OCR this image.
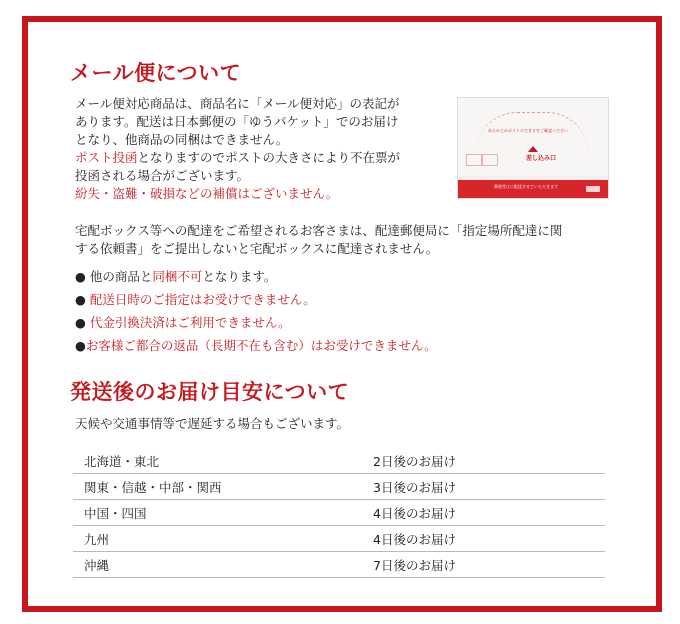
メール便について
メール便対応商品は、商品名に「メール便対応」の表記が
あります。配送は日本郵便の「ゆうパケット」でのお届け
となり、他商品の同梱はできません。
ポスト投函となりますのでポストの大きさにより不在票が
投函される場合がございます。
紛失・盗難・破損などの補償はございません。
あらかじめポストの大きさをご確認ください
差し込み口
郵便受けに配達させていただきます
宅配ボックス等への配達をご希望されるお客さまは、配達郵便局に「指定場所配達に関
する依頼書」をご提出しないと宅配ボックスに配達されません。
● 他の商品と同梱不可となります。
● 配送日時のご指定はお受けできません。
● 代金引換決済はご利用できません。
●お客様ご都合の返品（長期不在も含む）はお受けできません。
発送後のお届け目安について
天候や交通事情等で遅延する場合もございます。
北海道・東北	2日後のお届け
関東・信越・中部・関西	3日後のお届け
中国・四国	4日後のお届け
九州	4日後のお届け
沖縄	7日後のお届け
